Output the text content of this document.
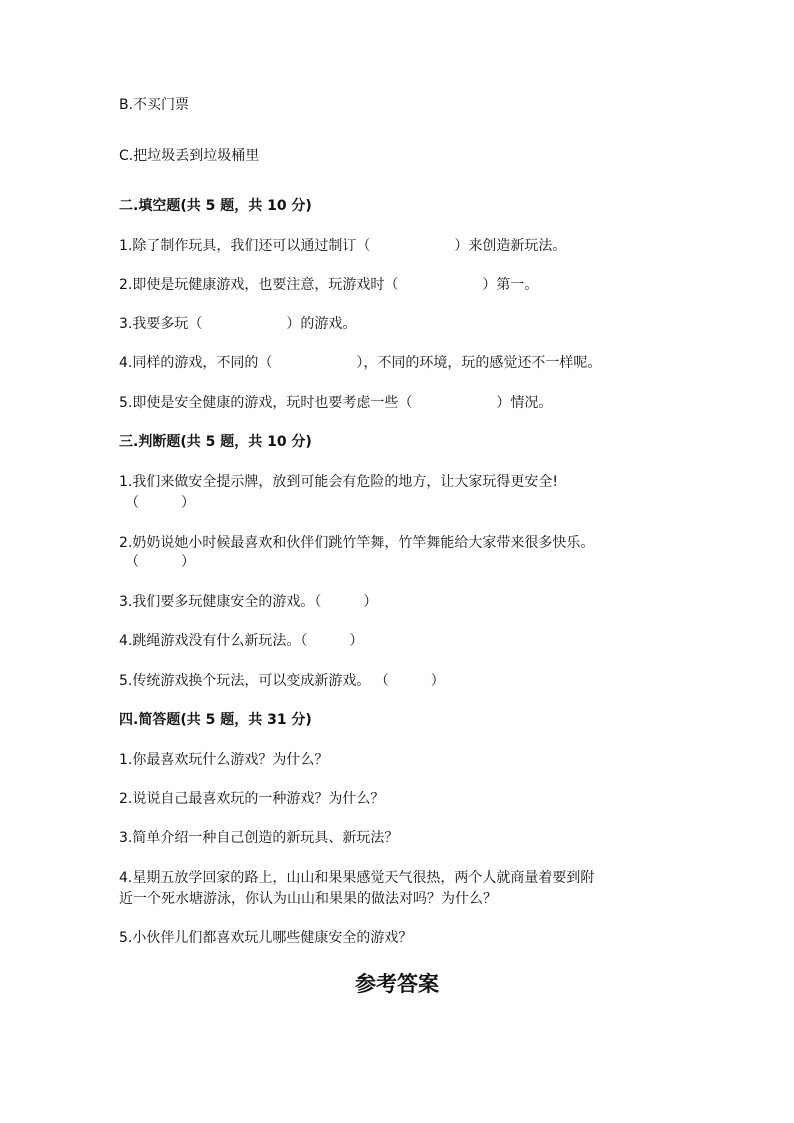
B.不买门票
C.把垃圾丢到垃圾桶里
二.填空题(共 5 题，共 10 分)
1.除了制作玩具，我们还可以通过制订（　　　　　　）来创造新玩法。
2.即使是玩健康游戏，也要注意，玩游戏时（　　　　　　）第一。
3.我要多玩（　　　　　　）的游戏。
4.同样的游戏，不同的（　　　　　　），不同的环境，玩的感觉还不一样呢。
5.即使是安全健康的游戏，玩时也要考虑一些（　　　　　　）情况。
三.判断题(共 5 题，共 10 分)
1.我们来做安全提示牌，放到可能会有危险的地方，让大家玩得更安全!
（　　　）
2.奶奶说她小时候最喜欢和伙伴们跳竹竿舞，竹竿舞能给大家带来很多快乐。
（　　　）
3.我们要多玩健康安全的游戏。（　　　）
4.跳绳游戏没有什么新玩法。（　　　）
5.传统游戏换个玩法，可以变成新游戏。 （　　　）
四.简答题(共 5 题，共 31 分)
1.你最喜欢玩什么游戏？为什么？
2.说说自己最喜欢玩的一种游戏？为什么？
3.简单介绍一种自己创造的新玩具、新玩法？
4.星期五放学回家的路上，山山和果果感觉天气很热，两个人就商量着要到附
近一个死水塘游泳，你认为山山和果果的做法对吗？为什么？
5.小伙伴儿们都喜欢玩儿哪些健康安全的游戏？
参考答案
